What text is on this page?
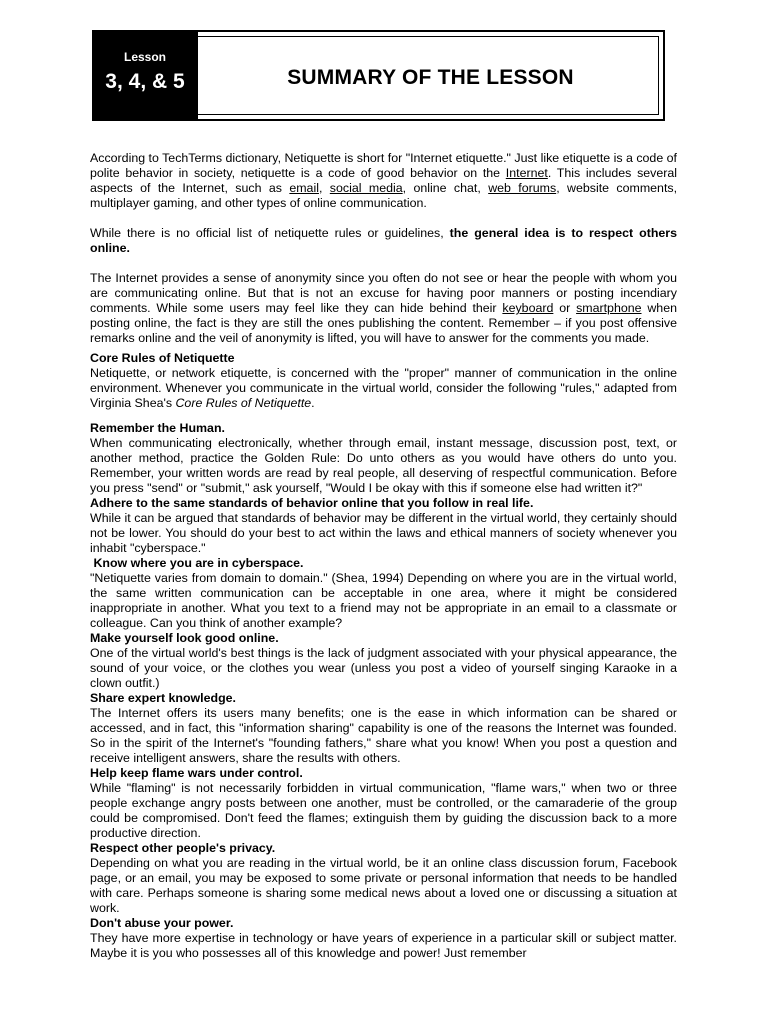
Lesson
3, 4, & 5	SUMMARY OF THE LESSON

According to TechTerms dictionary, Netiquette is short for "Internet etiquette." Just like etiquette is a code of polite behavior in society, netiquette is a code of good behavior on the Internet. This includes several aspects of the Internet, such as email, social media, online chat, web forums, website comments, multiplayer gaming, and other types of online communication.

While there is no official list of netiquette rules or guidelines, the general idea is to respect others online.

The Internet provides a sense of anonymity since you often do not see or hear the people with whom you are communicating online. But that is not an excuse for having poor manners or posting incendiary comments. While some users may feel like they can hide behind their keyboard or smartphone when posting online, the fact is they are still the ones publishing the content. Remember – if you post offensive remarks online and the veil of anonymity is lifted, you will have to answer for the comments you made.

Core Rules of Netiquette

Netiquette, or network etiquette, is concerned with the "proper" manner of communication in the online environment. Whenever you communicate in the virtual world, consider the following "rules," adapted from Virginia Shea's Core Rules of Netiquette.

Remember the Human.

When communicating electronically, whether through email, instant message, discussion post, text, or another method, practice the Golden Rule: Do unto others as you would have others do unto you. Remember, your written words are read by real people, all deserving of respectful communication. Before you press "send" or "submit," ask yourself, "Would I be okay with this if someone else had written it?"

Adhere to the same standards of behavior online that you follow in real life.

While it can be argued that standards of behavior may be different in the virtual world, they certainly should not be lower. You should do your best to act within the laws and ethical manners of society whenever you inhabit "cyberspace."

Know where you are in cyberspace.

"Netiquette varies from domain to domain." (Shea, 1994) Depending on where you are in the virtual world, the same written communication can be acceptable in one area, where it might be considered inappropriate in another. What you text to a friend may not be appropriate in an email to a classmate or colleague. Can you think of another example?

Make yourself look good online.

One of the virtual world's best things is the lack of judgment associated with your physical appearance, the sound of your voice, or the clothes you wear (unless you post a video of yourself singing Karaoke in a clown outfit.)

Share expert knowledge.

The Internet offers its users many benefits; one is the ease in which information can be shared or accessed, and in fact, this "information sharing" capability is one of the reasons the Internet was founded. So in the spirit of the Internet's "founding fathers," share what you know! When you post a question and receive intelligent answers, share the results with others.

Help keep flame wars under control.

While "flaming" is not necessarily forbidden in virtual communication, "flame wars," when two or three people exchange angry posts between one another, must be controlled, or the camaraderie of the group could be compromised. Don't feed the flames; extinguish them by guiding the discussion back to a more productive direction.

Respect other people's privacy.

Depending on what you are reading in the virtual world, be it an online class discussion forum, Facebook page, or an email, you may be exposed to some private or personal information that needs to be handled with care. Perhaps someone is sharing some medical news about a loved one or discussing a situation at work.

Don't abuse your power.

They have more expertise in technology or have years of experience in a particular skill or subject matter. Maybe it is you who possesses all of this knowledge and power! Just remember
